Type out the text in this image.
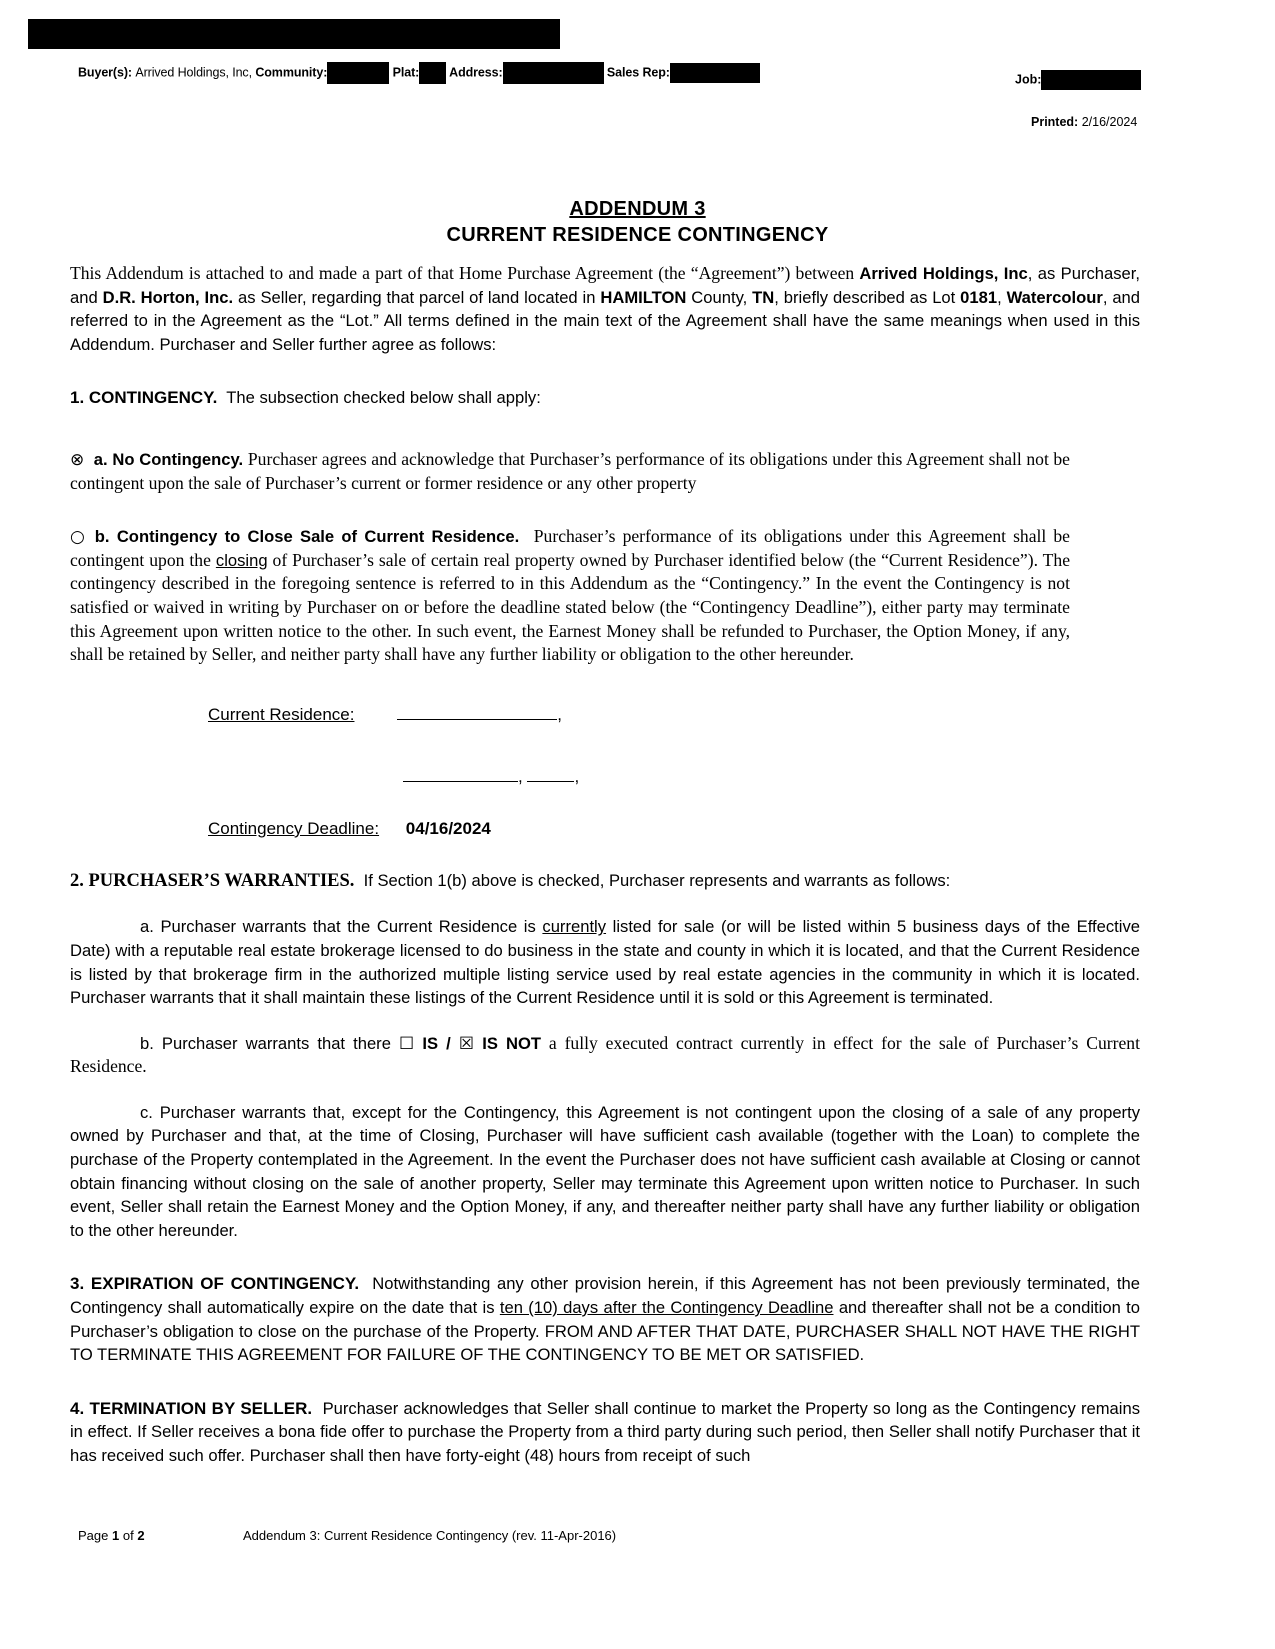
Buyer(s): Arrived Holdings, Inc, Community:	Plat: Address:	Sales Rep:	Job:
Printed: 2/16/2024
ADDENDUM 3
CURRENT RESIDENCE CONTINGENCY

This Addendum is attached to and made a part of that Home Purchase Agreement (the “Agreement”) between Arrived Holdings, Inc, as Purchaser, and D.R. Horton, Inc. as Seller, regarding that parcel of land located in HAMILTON County, TN, briefly described as Lot 0181, Watercolour, and referred to in the Agreement as the “Lot.” All terms defined in the main text of the Agreement shall have the same meanings when used in this Addendum. Purchaser and Seller further agree as follows:

1. CONTINGENCY. The subsection checked below shall apply:

⊗ a. No Contingency. Purchaser agrees and acknowledge that Purchaser’s performance of its obligations under this Agreement shall not be contingent upon the sale of Purchaser’s current or former residence or any other property

○ b. Contingency to Close Sale of Current Residence. Purchaser’s performance of its obligations under this Agreement shall be contingent upon the closing of Purchaser’s sale of certain real property owned by Purchaser identified below (the “Current Residence”). The contingency described in the foregoing sentence is referred to in this Addendum as the “Contingency.” In the event the Contingency is not satisfied or waived in writing by Purchaser on or before the deadline stated below (the “Contingency Deadline”), either party may terminate this Agreement upon written notice to the other. In such event, the Earnest Money shall be refunded to Purchaser, the Option Money, if any, shall be retained by Seller, and neither party shall have any further liability or obligation to the other hereunder.

Current Residence:	,
,	,
Contingency Deadline: 04/16/2024

2. PURCHASER’S WARRANTIES. If Section 1(b) above is checked, Purchaser represents and warrants as follows:

a. Purchaser warrants that the Current Residence is currently listed for sale (or will be listed within 5 business days of the Effective Date) with a reputable real estate brokerage licensed to do business in the state and county in which it is located, and that the Current Residence is listed by that brokerage firm in the authorized multiple listing service used by real estate agencies in the community in which it is located. Purchaser warrants that it shall maintain these listings of the Current Residence until it is sold or this Agreement is terminated.

b. Purchaser warrants that there ☐ IS / ☒ IS NOT a fully executed contract currently in effect for the sale of Purchaser’s Current Residence.

c. Purchaser warrants that, except for the Contingency, this Agreement is not contingent upon the closing of a sale of any property owned by Purchaser and that, at the time of Closing, Purchaser will have sufficient cash available (together with the Loan) to complete the purchase of the Property contemplated in the Agreement. In the event the Purchaser does not have sufficient cash available at Closing or cannot obtain financing without closing on the sale of another property, Seller may terminate this Agreement upon written notice to Purchaser. In such event, Seller shall retain the Earnest Money and the Option Money, if any, and thereafter neither party shall have any further liability or obligation to the other hereunder.

3. EXPIRATION OF CONTINGENCY. Notwithstanding any other provision herein, if this Agreement has not been previously terminated, the Contingency shall automatically expire on the date that is ten (10) days after the Contingency Deadline and thereafter shall not be a condition to Purchaser’s obligation to close on the purchase of the Property. FROM AND AFTER THAT DATE, PURCHASER SHALL NOT HAVE THE RIGHT TO TERMINATE THIS AGREEMENT FOR FAILURE OF THE CONTINGENCY TO BE MET OR SATISFIED.

4. TERMINATION BY SELLER. Purchaser acknowledges that Seller shall continue to market the Property so long as the Contingency remains in effect. If Seller receives a bona fide offer to purchase the Property from a third party during such period, then Seller shall notify Purchaser that it has received such offer. Purchaser shall then have forty-eight (48) hours from receipt of such

Page 1 of 2	Addendum 3: Current Residence Contingency (rev. 11-Apr-2016)
